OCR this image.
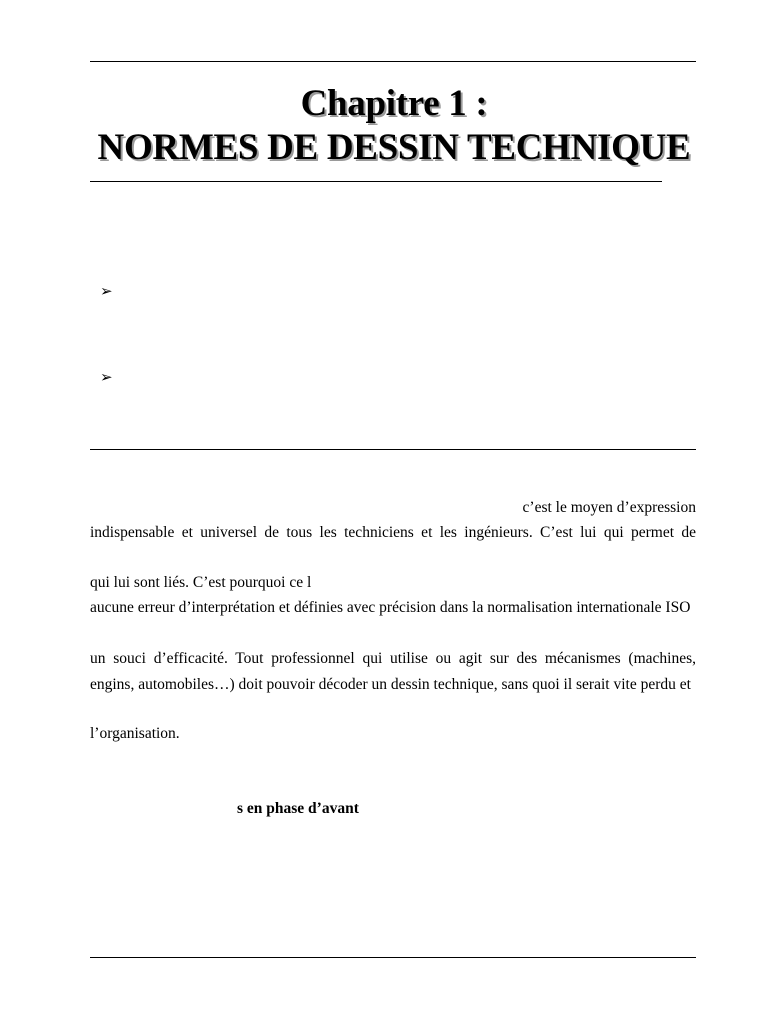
Chapitre 1 :
NORMES DE DESSIN TECHNIQUE
➢
➢
c’est le moyen d’expression
indispensable et universel de tous les techniciens et les ingénieurs. C’est lui qui permet de
qui lui sont liés. C’est pourquoi ce l
aucune erreur d’interprétation et définies avec précision dans la normalisation internationale ISO
un souci d’efficacité. Tout professionnel qui utilise ou agit sur des mécanismes (machines,
engins, automobiles…) doit pouvoir décoder un dessin technique, sans quoi il serait vite perdu et
l’organisation.
s en phase d’avant
